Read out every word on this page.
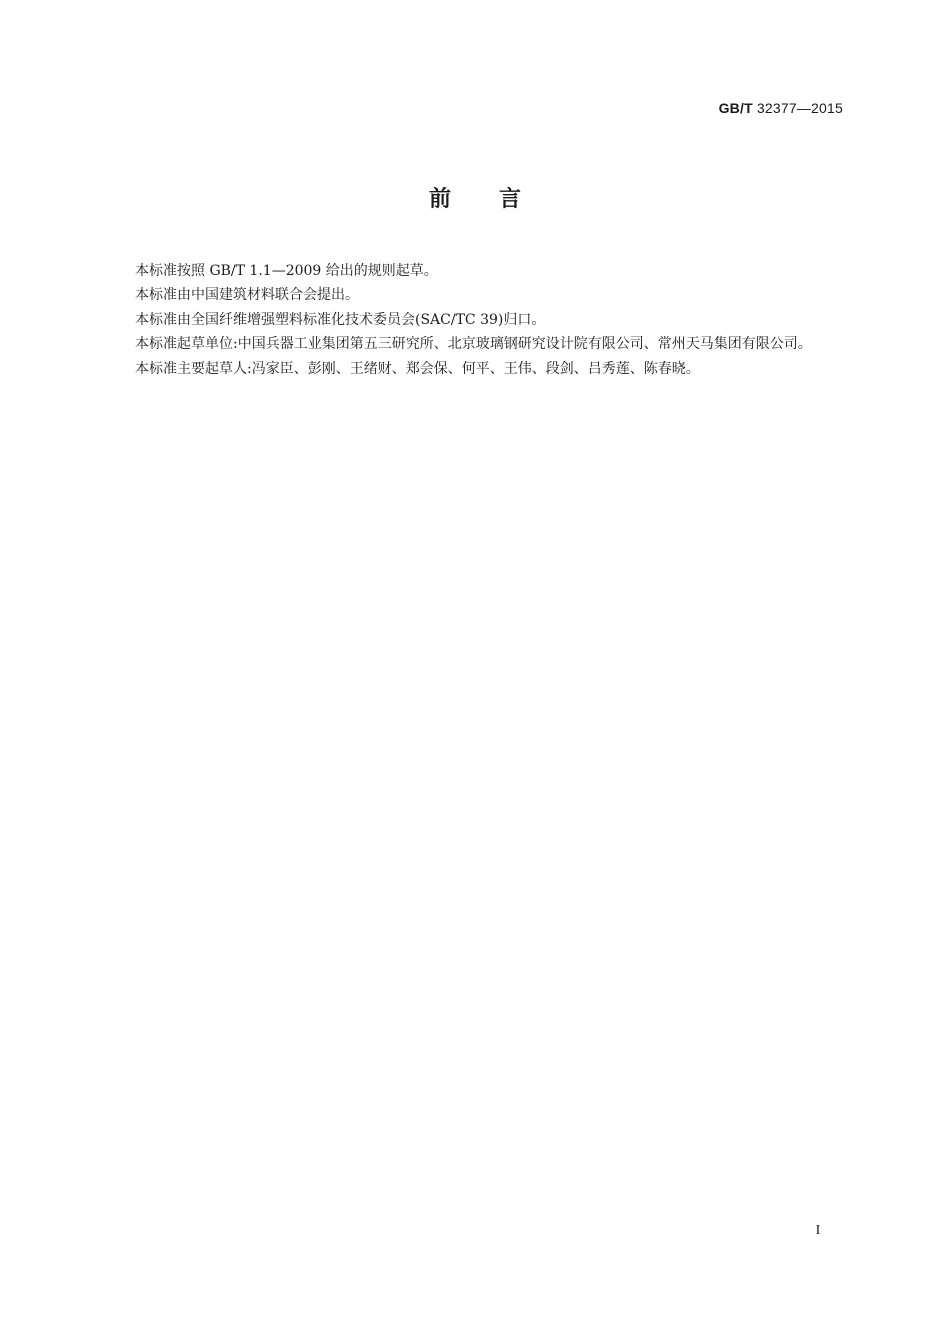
GB/T 32377—2015
前言

本标准按照 GB/T 1.1—2009 给出的规则起草。

本标准由中国建筑材料联合会提出。

本标准由全国纤维增强塑料标准化技术委员会(SAC/TC 39)归口。

本标准起草单位:中国兵器工业集团第五三研究所、北京玻璃钢研究设计院有限公司、常州天马集团有限公司。

本标准主要起草人:冯家臣、彭刚、王绪财、郑会保、何平、王伟、段剑、吕秀莲、陈春晓。

I
